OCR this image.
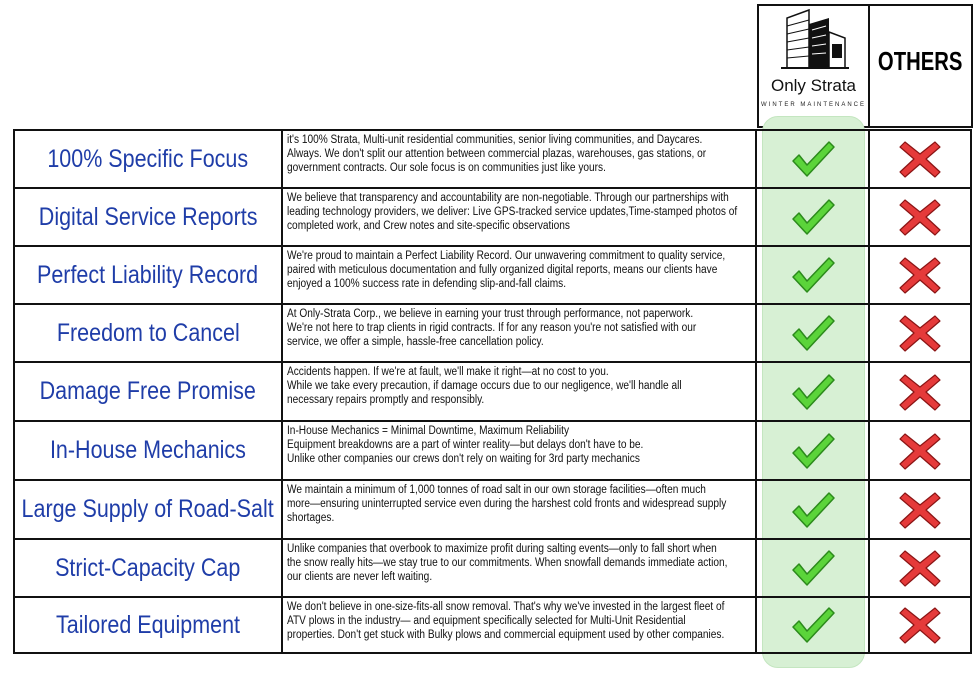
Only Strata
WINTER MAINTENANCE
OTHERS
100% Specific Focus
it's 100% Strata, Multi-unit residential communities, senior living communities, and Daycares.
Always. We don't split our attention between commercial plazas, warehouses, gas stations, or
government contracts. Our sole focus is on communities just like yours.
Digital Service Reports
We believe that transparency and accountability are non-negotiable. Through our partnerships with
leading technology providers, we deliver: Live GPS-tracked service updates,Time-stamped photos of
completed work, and Crew notes and site-specific observations
Perfect Liability Record
We're proud to maintain a Perfect Liability Record. Our unwavering commitment to quality service,
paired with meticulous documentation and fully organized digital reports, means our clients have
enjoyed a 100% success rate in defending slip-and-fall claims.
Freedom to Cancel
At Only-Strata Corp., we believe in earning your trust through performance, not paperwork.
We're not here to trap clients in rigid contracts. If for any reason you're not satisfied with our
service, we offer a simple, hassle-free cancellation policy.
Damage Free Promise
Accidents happen. If we're at fault, we'll make it right—at no cost to you.
While we take every precaution, if damage occurs due to our negligence, we'll handle all
necessary repairs promptly and responsibly.
In-House Mechanics
In-House Mechanics = Minimal Downtime, Maximum Reliability
Equipment breakdowns are a part of winter reality—but delays don't have to be.
Unlike other companies our crews don't rely on waiting for 3rd party mechanics
Large Supply of Road-Salt
We maintain a minimum of 1,000 tonnes of road salt in our own storage facilities—often much
more—ensuring uninterrupted service even during the harshest cold fronts and widespread supply
shortages.
Strict-Capacity Cap
Unlike companies that overbook to maximize profit during salting events—only to fall short when
the snow really hits—we stay true to our commitments. When snowfall demands immediate action,
our clients are never left waiting.
Tailored Equipment
We don't believe in one-size-fits-all snow removal. That's why we've invested in the largest fleet of
ATV plows in the industry— and equipment specifically selected for Multi-Unit Residential
properties. Don't get stuck with Bulky plows and commercial equipment used by other companies.
